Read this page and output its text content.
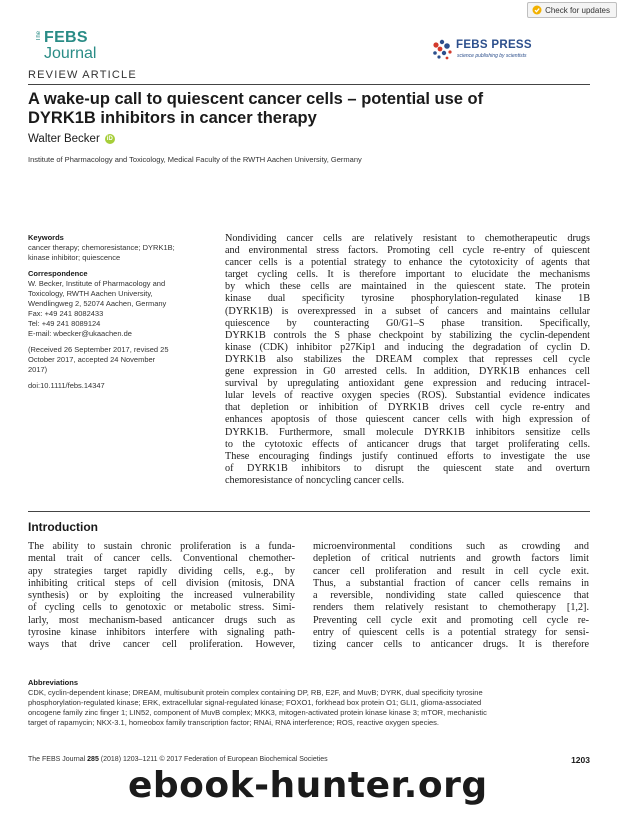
Check for updates
The FEBS
Journal	FEBS PRESS
science publishing by scientists
REVIEW ARTICLE
A wake-up call to quiescent cancer cells – potential use of
DYRK1B inhibitors in cancer therapy
Walter Becker	iD
Institute of Pharmacology and Toxicology, Medical Faculty of the RWTH Aachen University, Germany
Keywords
cancer therapy; chemoresistance; DYRK1B;
kinase inhibitor; quiescence
Correspondence
W. Becker, Institute of Pharmacology and
Toxicology, RWTH Aachen University,
Wendlingweg 2, 52074 Aachen, Germany
Fax: +49 241 8082433
Tel: +49 241 8089124
E-mail: wbecker@ukaachen.de
(Received 26 September 2017, revised 25
October 2017, accepted 24 November
2017)
doi:10.1111/febs.14347
Nondividing cancer cells are relatively resistant to chemotherapeutic drugs
and environmental stress factors. Promoting cell cycle re-entry of quiescent
cancer cells is a potential strategy to enhance the cytotoxicity of agents that
target cycling cells. It is therefore important to elucidate the mechanisms
by which these cells are maintained in the quiescent state. The protein
kinase dual specificity tyrosine phosphorylation-regulated kinase 1B
(DYRK1B) is overexpressed in a subset of cancers and maintains cellular
quiescence by counteracting G0/G1–S phase transition. Specifically,
DYRK1B controls the S phase checkpoint by stabilizing the cyclin-dependent
kinase (CDK) inhibitor p27Kip1 and inducing the degradation of cyclin D.
DYRK1B also stabilizes the DREAM complex that represses cell cycle
gene expression in G0 arrested cells. In addition, DYRK1B enhances cell
survival by upregulating antioxidant gene expression and reducing intracel-
lular levels of reactive oxygen species (ROS). Substantial evidence indicates
that depletion or inhibition of DYRK1B drives cell cycle re-entry and
enhances apoptosis of those quiescent cancer cells with high expression of
DYRK1B. Furthermore, small molecule DYRK1B inhibitors sensitize cells
to the cytotoxic effects of anticancer drugs that target proliferating cells.
These encouraging findings justify continued efforts to investigate the use
of DYRK1B inhibitors to disrupt the quiescent state and overturn
chemoresistance of noncycling cancer cells.
Introduction
The ability to sustain chronic proliferation is a funda-
mental trait of cancer cells. Conventional chemother-
apy strategies target rapidly dividing cells, e.g., by
inhibiting critical steps of cell division (mitosis, DNA
synthesis) or by exploiting the increased vulnerability
of cycling cells to genotoxic or metabolic stress. Simi-
larly, most mechanism-based anticancer drugs such as
tyrosine kinase inhibitors interfere with signaling path-
ways that drive cancer cell proliferation. However,
microenvironmental conditions such as crowding and
depletion of critical nutrients and growth factors limit
cancer cell proliferation and result in cell cycle exit.
Thus, a substantial fraction of cancer cells remains in
a reversible, nondividing state called quiescence that
renders them relatively resistant to chemotherapy [1,2].
Preventing cell cycle exit and promoting cell cycle re-
entry of quiescent cells is a potential strategy for sensi-
tizing cancer cells to anticancer drugs. It is therefore
Abbreviations
CDK, cyclin-dependent kinase; DREAM, multisubunit protein complex containing DP, RB, E2F, and MuvB; DYRK, dual specificity tyrosine
phosphorylation-regulated kinase; ERK, extracellular signal-regulated kinase; FOXO1, forkhead box protein O1; GLI1, glioma-associated
oncogene family zinc finger 1; LIN52, component of MuvB complex; MKK3, mitogen-activated protein kinase kinase 3; mTOR, mechanistic
target of rapamycin; NKX-3.1, homeobox family transcription factor; RNAi, RNA interference; ROS, reactive oxygen species.
The FEBS Journal 285 (2018) 1203–1211 © 2017 Federation of European Biochemical Societies	1203
ebook-hunter.org
